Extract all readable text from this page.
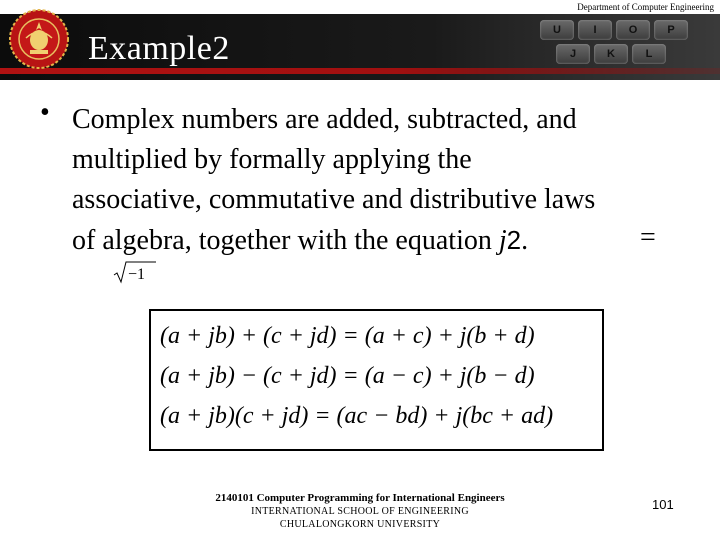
Department of Computer Engineering
U	I	O	P
J	K	L
Example2
• Complex numbers are added, subtracted, and
multiplied by formally applying the
associative, commutative and distributive laws
of algebra, together with the equation j2.	=
−1
(a + jb) + (c + jd) = (a + c) + j(b + d)
(a + jb) − (c + jd) = (a − c) + j(b − d)
(a + jb)(c + jd) = (ac − bd) + j(bc + ad)
2140101 Computer Programming for International Engineers
INTERNATIONAL SCHOOL OF ENGINEERING
CHULALONGKORN UNIVERSITY
101
